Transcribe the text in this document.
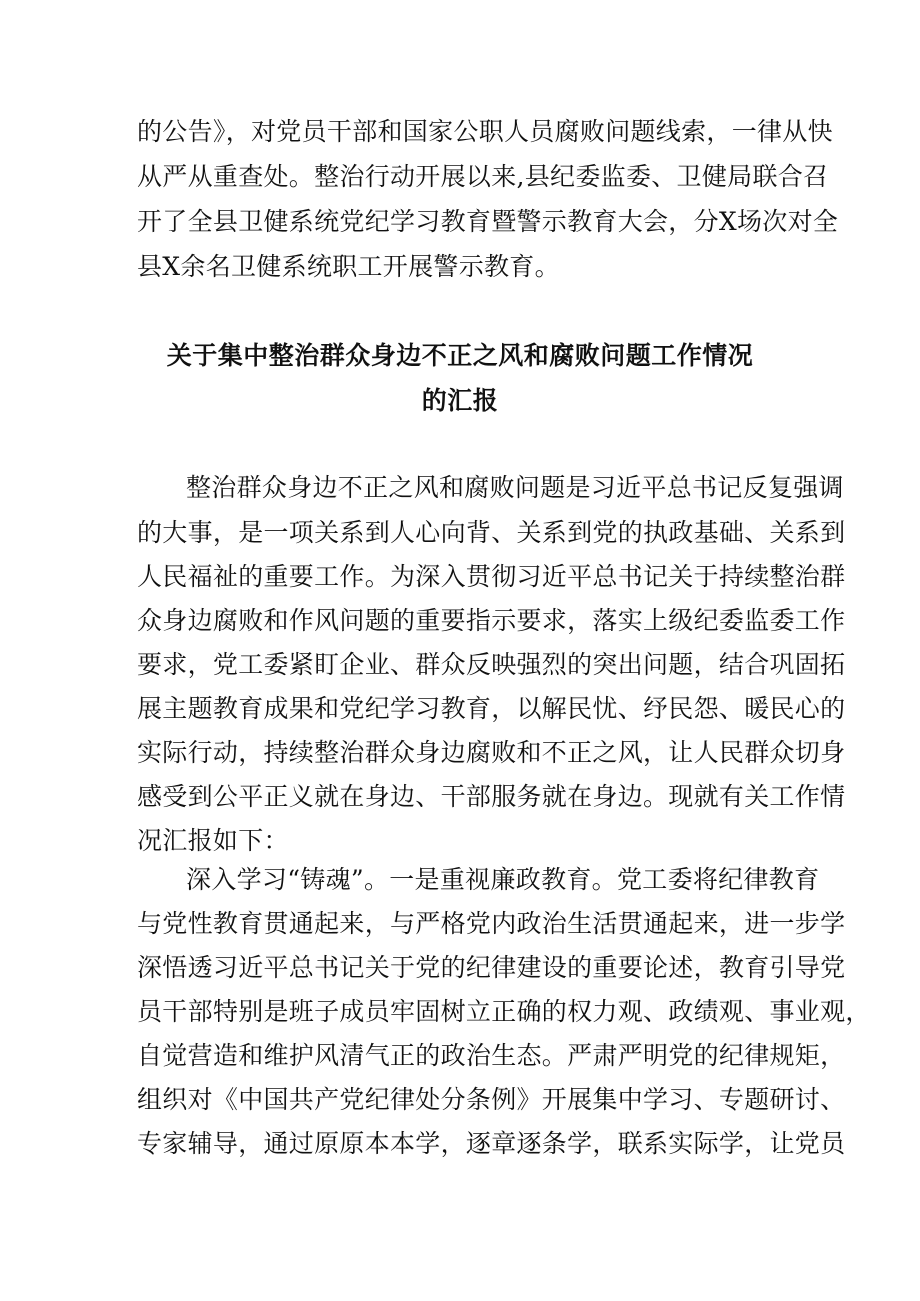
的公告》，对党员干部和国家公职人员腐败问题线索，一律从快
从严从重查处。整治行动开展以来,县纪委监委、卫健局联合召
开了全县卫健系统党纪学习教育暨警示教育大会，分X场次对全
县X余名卫健系统职工开展警示教育。
关于集中整治群众身边不正之风和腐败问题工作情况
的汇报
整治群众身边不正之风和腐败问题是习近平总书记反复强调
的大事，是一项关系到人心向背、关系到党的执政基础、关系到
人民福祉的重要工作。为深入贯彻习近平总书记关于持续整治群
众身边腐败和作风问题的重要指示要求，落实上级纪委监委工作
要求，党工委紧盯企业、群众反映强烈的突出问题，结合巩固拓
展主题教育成果和党纪学习教育，以解民忧、纾民怨、暖民心的
实际行动，持续整治群众身边腐败和不正之风，让人民群众切身
感受到公平正义就在身边、干部服务就在身边。现就有关工作情
况汇报如下：
深入学习“铸魂”。一是重视廉政教育。党工委将纪律教育
与党性教育贯通起来，与严格党内政治生活贯通起来，进一步学
深悟透习近平总书记关于党的纪律建设的重要论述，教育引导党
员干部特别是班子成员牢固树立正确的权力观、政绩观、事业观，
自觉营造和维护风清气正的政治生态。严肃严明党的纪律规矩，
组织对《中国共产党纪律处分条例》开展集中学习、专题研讨、
专家辅导，通过原原本本学，逐章逐条学，联系实际学，让党员
